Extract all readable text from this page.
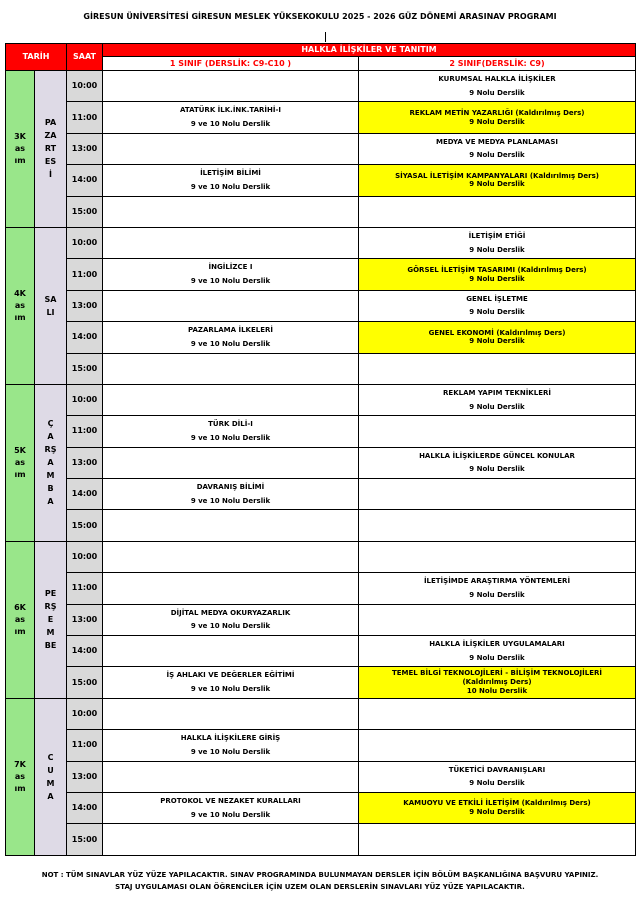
GİRESUN ÜNİVERSİTESİ GİRESUN MESLEK YÜKSEKOKULU 2025 - 2026 GÜZ DÖNEMİ ARASINAV PROGRAMI
TARİH		SAAT	HALKLA İLİŞKİLER VE TANITIM	
			1 SINIF (DERSLİK: C9-C10 )	2 SINIF(DERSLİK: C9)
3Kasım	PAZARTESİ	10:00		KURUMSAL HALKLA İLİŞKİLER
9 Nolu Derslik

		11:00	ATATÜRK İLK.İNK.TARİHİ-I
9 ve 10 Nolu Derslik	REKLAM METİN YAZARLIĞI (Kaldırılmış Ders)
9 Nolu Derslik

		13:00		MEDYA VE MEDYA PLANLAMASI
9 Nolu Derslik

		14:00	İLETİŞİM BİLİMİ
9 ve 10 Nolu Derslik	SİYASAL İLETİŞİM KAMPANYALARI (Kaldırılmış Ders)
9 Nolu Derslik

		15:00	

4Kasım	SALI	10:00		İLETİŞİM ETİĞİ
9 Nolu Derslik

		11:00	İNGİLİZCE I
9 ve 10 Nolu Derslik	GÖRSEL İLETİŞİM TASARIMI (Kaldırılmış Ders)
9 Nolu Derslik

		13:00		GENEL İŞLETME
9 Nolu Derslik

		14:00	PAZARLAMA İLKELERİ
9 ve 10 Nolu Derslik	GENEL EKONOMİ (Kaldırılmış Ders)
9 Nolu Derslik

		15:00	

5Kasım	ÇARŞAMBA	10:00		REKLAM YAPIM TEKNİKLERİ
9 Nolu Derslik

		11:00	TÜRK DİLİ-I
9 ve 10 Nolu Derslik	

		13:00		HALKLA İLİŞKİLERDE GÜNCEL KONULAR
9 Nolu Derslik

		14:00	DAVRANIŞ BİLİMİ
9 ve 10 Nolu Derslik	

		15:00	

6Kasım	PERŞEMBE	10:00	

		11:00		İLETİŞİMDE ARAŞTIRMA YÖNTEMLERİ
9 Nolu Derslik

		13:00	DİJİTAL MEDYA OKURYAZARLIK
9 ve 10 Nolu Derslik	

		14:00		HALKLA İLİŞKİLER UYGULAMALARI
9 Nolu Derslik

		15:00	İŞ AHLAKI VE DEĞERLER EĞİTİMİ
9 ve 10 Nolu Derslik	TEMEL BİLGİ TEKNOLOJİLERİ - BİLİŞİM TEKNOLOJİLERİ
(Kaldırılmış Ders)
10 Nolu Derslik

7Kasım	CUMA	10:00	

		11:00	HALKLA İLİŞKİLERE GİRİŞ
9 ve 10 Nolu Derslik	

		13:00		TÜKETİCİ DAVRANIŞLARI
9 Nolu Derslik

		14:00	PROTOKOL VE NEZAKET KURALLARI
9 ve 10 Nolu Derslik	KAMUOYU VE ETKİLİ İLETİŞİM (Kaldırılmış Ders)
9 Nolu Derslik

		15:00	

NOT : TÜM SINAVLAR YÜZ YÜZE YAPILACAKTIR. SINAV PROGRAMINDA BULUNMAYAN DERSLER İÇİN BÖLÜM BAŞKANLIĞINA BAŞVURU YAPINIZ.
STAJ UYGULAMASI OLAN ÖĞRENCİLER İÇİN UZEM OLAN DERSLERİN SINAVLARI YÜZ YÜZE YAPILACAKTIR.
